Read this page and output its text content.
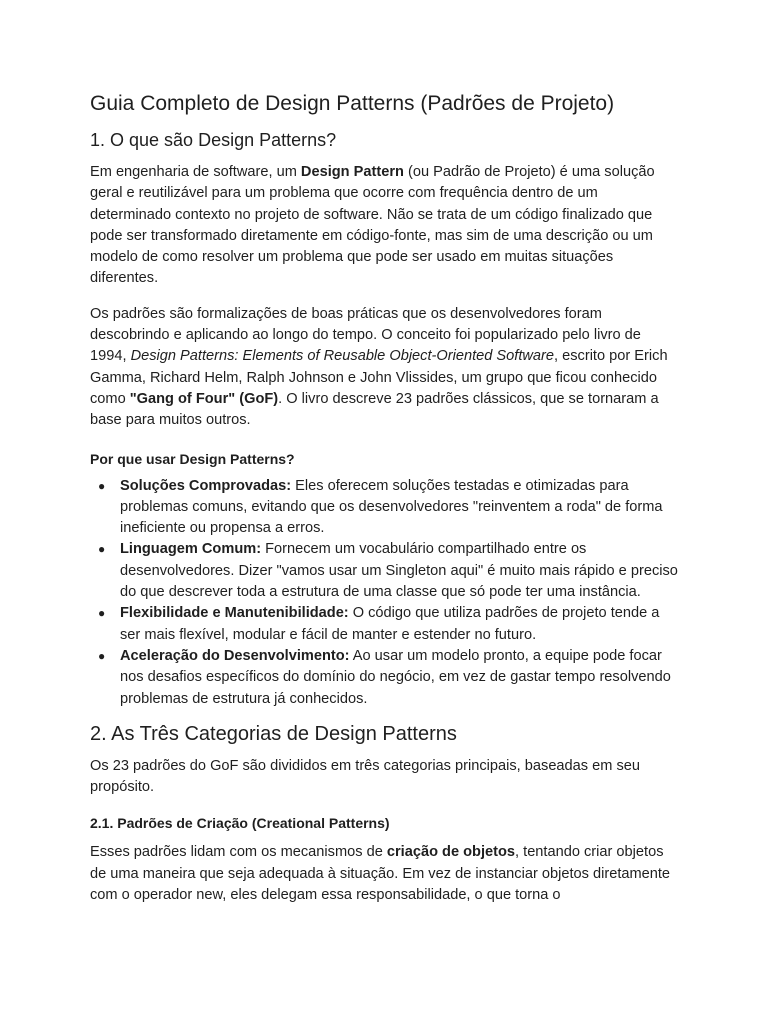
Guia Completo de Design Patterns (Padrões de Projeto)
1. O que são Design Patterns?

Em engenharia de software, um Design Pattern (ou Padrão de Projeto) é uma solução geral e reutilizável para um problema que ocorre com frequência dentro de um determinado contexto no projeto de software. Não se trata de um código finalizado que pode ser transformado diretamente em código-fonte, mas sim de uma descrição ou um modelo de como resolver um problema que pode ser usado em muitas situações diferentes.

Os padrões são formalizações de boas práticas que os desenvolvedores foram descobrindo e aplicando ao longo do tempo. O conceito foi popularizado pelo livro de 1994, Design Patterns: Elements of Reusable Object-Oriented Software, escrito por Erich Gamma, Richard Helm, Ralph Johnson e John Vlissides, um grupo que ficou conhecido como "Gang of Four" (GoF). O livro descreve 23 padrões clássicos, que se tornaram a base para muitos outros.

Por que usar Design Patterns?
● Soluções Comprovadas: Eles oferecem soluções testadas e otimizadas para problemas comuns, evitando que os desenvolvedores "reinventem a roda" de forma ineficiente ou propensa a erros.
● Linguagem Comum: Fornecem um vocabulário compartilhado entre os desenvolvedores. Dizer "vamos usar um Singleton aqui" é muito mais rápido e preciso do que descrever toda a estrutura de uma classe que só pode ter uma instância.
● Flexibilidade e Manutenibilidade: O código que utiliza padrões de projeto tende a ser mais flexível, modular e fácil de manter e estender no futuro.
● Aceleração do Desenvolvimento: Ao usar um modelo pronto, a equipe pode focar nos desafios específicos do domínio do negócio, em vez de gastar tempo resolvendo problemas de estrutura já conhecidos.
2. As Três Categorias de Design Patterns

Os 23 padrões do GoF são divididos em três categorias principais, baseadas em seu propósito.

2.1. Padrões de Criação (Creational Patterns)

Esses padrões lidam com os mecanismos de criação de objetos, tentando criar objetos de uma maneira que seja adequada à situação. Em vez de instanciar objetos diretamente com o operador new, eles delegam essa responsabilidade, o que torna o
